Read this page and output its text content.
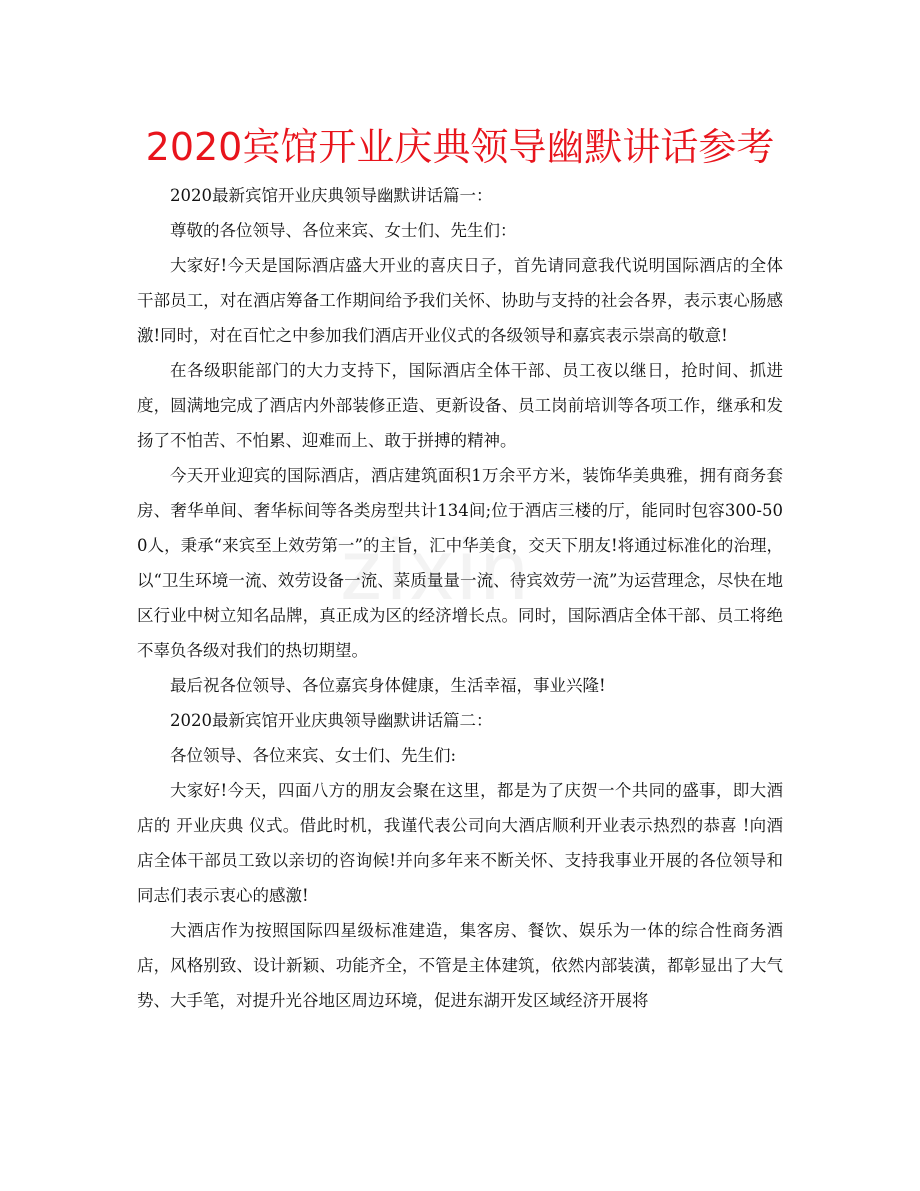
2020宾馆开业庆典领导幽默讲话参考
zixin

2020最新宾馆开业庆典领导幽默讲话篇一：

尊敬的各位领导、各位来宾、女士们、先生们：

大家好!今天是国际酒店盛大开业的喜庆日子，首先请同意我代说明国际酒店的全体干部员工，对在酒店筹备工作期间给予我们关怀、协助与支持的社会各界，表示衷心肠感激!同时，对在百忙之中参加我们酒店开业仪式的各级领导和嘉宾表示崇高的敬意!

在各级职能部门的大力支持下，国际酒店全体干部、员工夜以继日，抢时间、抓进度，圆满地完成了酒店内外部装修正造、更新设备、员工岗前培训等各项工作，继承和发扬了不怕苦、不怕累、迎难而上、敢于拼搏的精神。

今天开业迎宾的国际酒店，酒店建筑面积1万余平方米，装饰华美典雅，拥有商务套房、奢华单间、奢华标间等各类房型共计134间;位于酒店三楼的厅，能同时包容300-500人，秉承“来宾至上效劳第一”的主旨，汇中华美食，交天下朋友!将通过标准化的治理，以“卫生环境一流、效劳设备一流、菜质量量一流、待宾效劳一流”为运营理念，尽快在地区行业中树立知名品牌，真正成为区的经济增长点。同时，国际酒店全体干部、员工将绝不辜负各级对我们的热切期望。

最后祝各位领导、各位嘉宾身体健康，生活幸福，事业兴隆!

2020最新宾馆开业庆典领导幽默讲话篇二：

各位领导、各位来宾、女士们、先生们:

大家好!今天，四面八方的朋友会聚在这里，都是为了庆贺一个共同的盛事，即大酒店的 开业庆典 仪式。借此时机，我谨代表公司向大酒店顺利开业表示热烈的恭喜 !向酒店全体干部员工致以亲切的咨询候!并向多年来不断关怀、支持我事业开展的各位领导和同志们表示衷心的感激!

大酒店作为按照国际四星级标准建造，集客房、餐饮、娱乐为一体的综合性商务酒店，风格别致、设计新颖、功能齐全，不管是主体建筑，依然内部装潢，都彰显出了大气势、大手笔，对提升光谷地区周边环境，促进东湖开发区域经济开展将
